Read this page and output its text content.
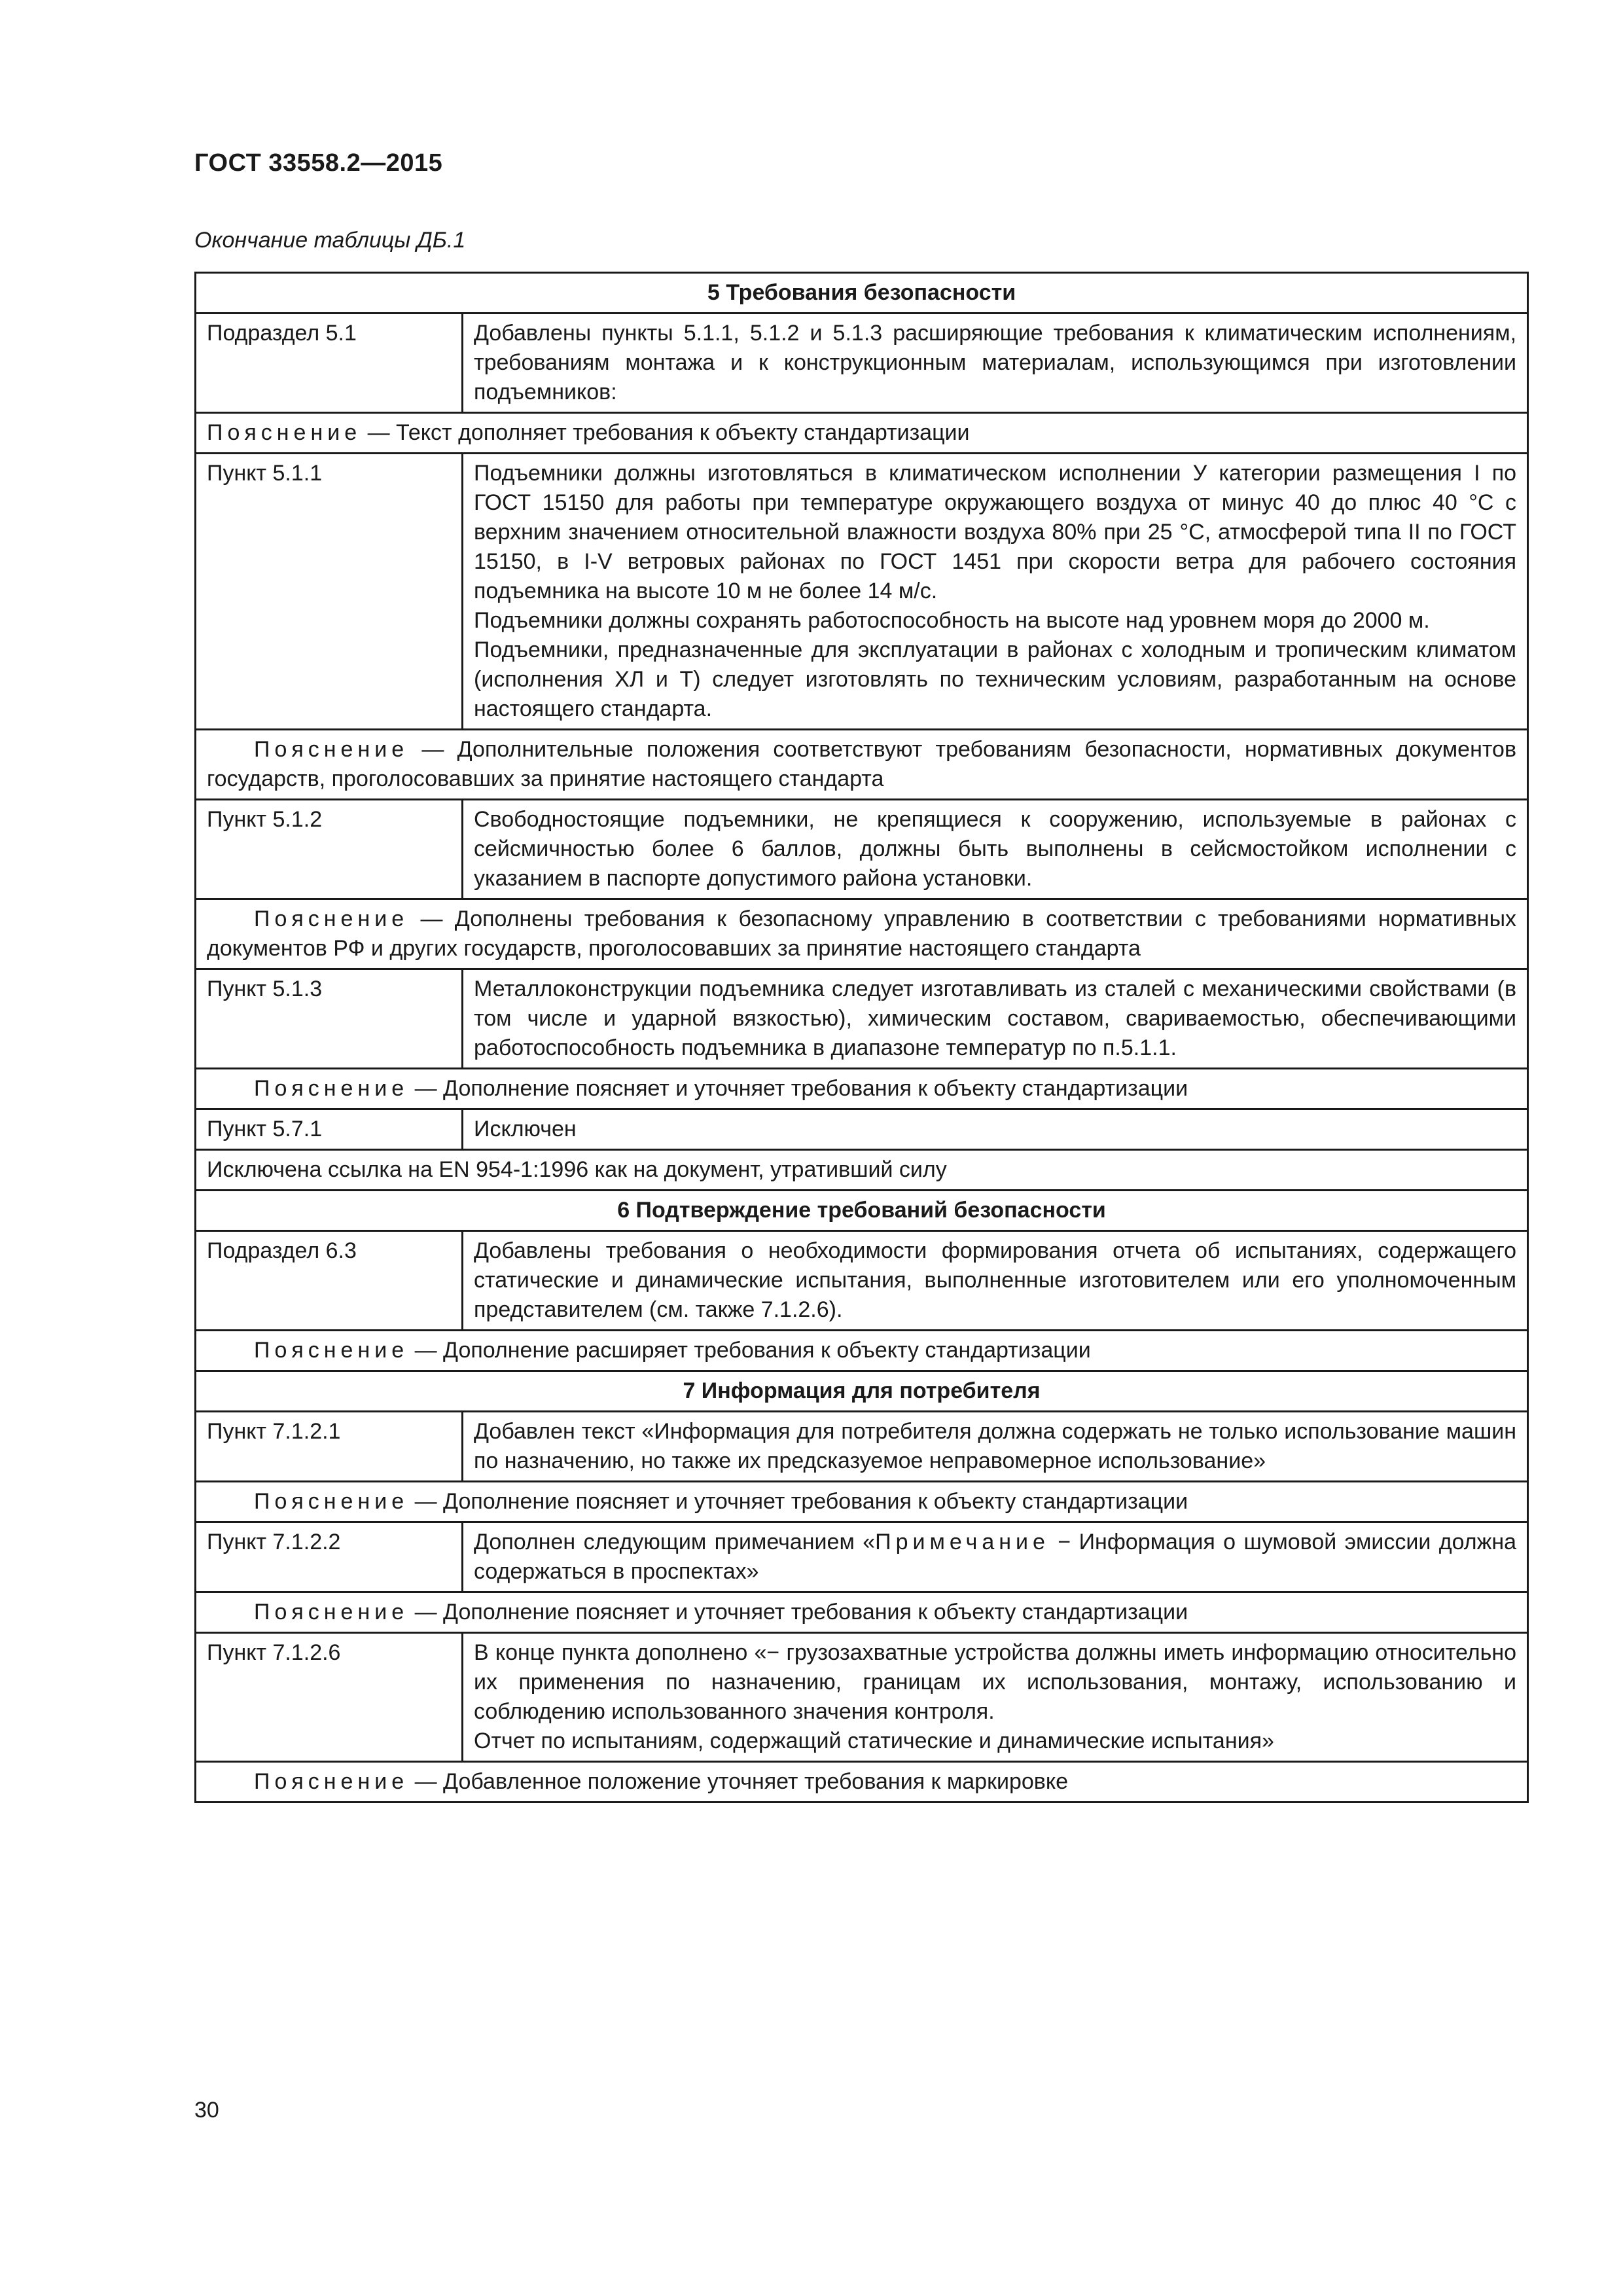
ГОСТ 33558.2—2015
Окончание таблицы ДБ.1
5 Требования безопасности	
Подраздел 5.1	Добавлены пункты 5.1.1, 5.1.2 и 5.1.3 расширяющие требования к климатическим исполнениям, требованиям монтажа и к конструкционным материалам, использующимся при изготовлении подъемников:

Пояснение — Текст дополняет требования к объекту стандартизации	
Пункт 5.1.1	Подъемники должны изготовляться в климатическом исполнении У категории размещения I по ГОСТ 15150 для работы при температуре окружающего воздуха от минус 40 до плюс 40 °С с верхним значением относительной влажности воздуха 80% при 25 °С, атмосферой типа II по ГОСТ 15150, в I-V ветровых районах по ГОСТ 1451 при скорости ветра для рабочего состояния подъемника на высоте 10 м не более 14 м/с.

Подъемники должны сохранять работоспособность на высоте над уровнем моря до 2000 м.

Подъемники, предназначенные для эксплуатации в районах с холодным и тропическим климатом (исполнения ХЛ и Т) следует изготовлять по техническим условиям, разработанным на основе настоящего стандарта.

Пояснение — Дополнительные положения соответствуют требованиям безопасности, нормативных документов государств, проголосовавших за принятие настоящего стандарта	
Пункт 5.1.2	Свободностоящие подъемники, не крепящиеся к сооружению, используемые в районах с сейсмичностью более 6 баллов, должны быть выполнены в сейсмостойком исполнении с указанием в паспорте допустимого района установки.

Пояснение — Дополнены требования к безопасному управлению в соответствии с требованиями нормативных документов РФ и других государств, проголосовавших за принятие настоящего стандарта	
Пункт 5.1.3	Металлоконструкции подъемника следует изготавливать из сталей с механическими свойствами (в том числе и ударной вязкостью), химическим составом, свариваемостью, обеспечивающими работоспособность подъемника в диапазоне температур по п.5.1.1.

Пояснение — Дополнение поясняет и уточняет требования к объекту стандартизации	
Пункт 5.7.1	Исключен

Исключена ссылка на EN 954-1:1996 как на документ, утративший силу	
6 Подтверждение требований безопасности	
Подраздел 6.3	Добавлены требования о необходимости формирования отчета об испытаниях, содержащего статические и динамические испытания, выполненные изготовителем или его уполномоченным представителем (см. также 7.1.2.6).

Пояснение — Дополнение расширяет требования к объекту стандартизации	
7 Информация для потребителя	
Пункт 7.1.2.1	Добавлен текст «Информация для потребителя должна содержать не только использование машин по назначению, но также их предсказуемое неправомерное использование»

Пояснение — Дополнение поясняет и уточняет требования к объекту стандартизации	
Пункт 7.1.2.2	Дополнен следующим примечанием «Примечание − Информация о шумовой эмиссии должна содержаться в проспектах»

Пояснение — Дополнение поясняет и уточняет требования к объекту стандартизации	
Пункт 7.1.2.6	В конце пункта дополнено «− грузозахватные устройства должны иметь информацию относительно их применения по назначению, границам их использования, монтажу, использованию и соблюдению использованного значения контроля.

Отчет по испытаниям, содержащий статические и динамические испытания»

Пояснение — Добавленное положение уточняет требования к маркировке	
30
